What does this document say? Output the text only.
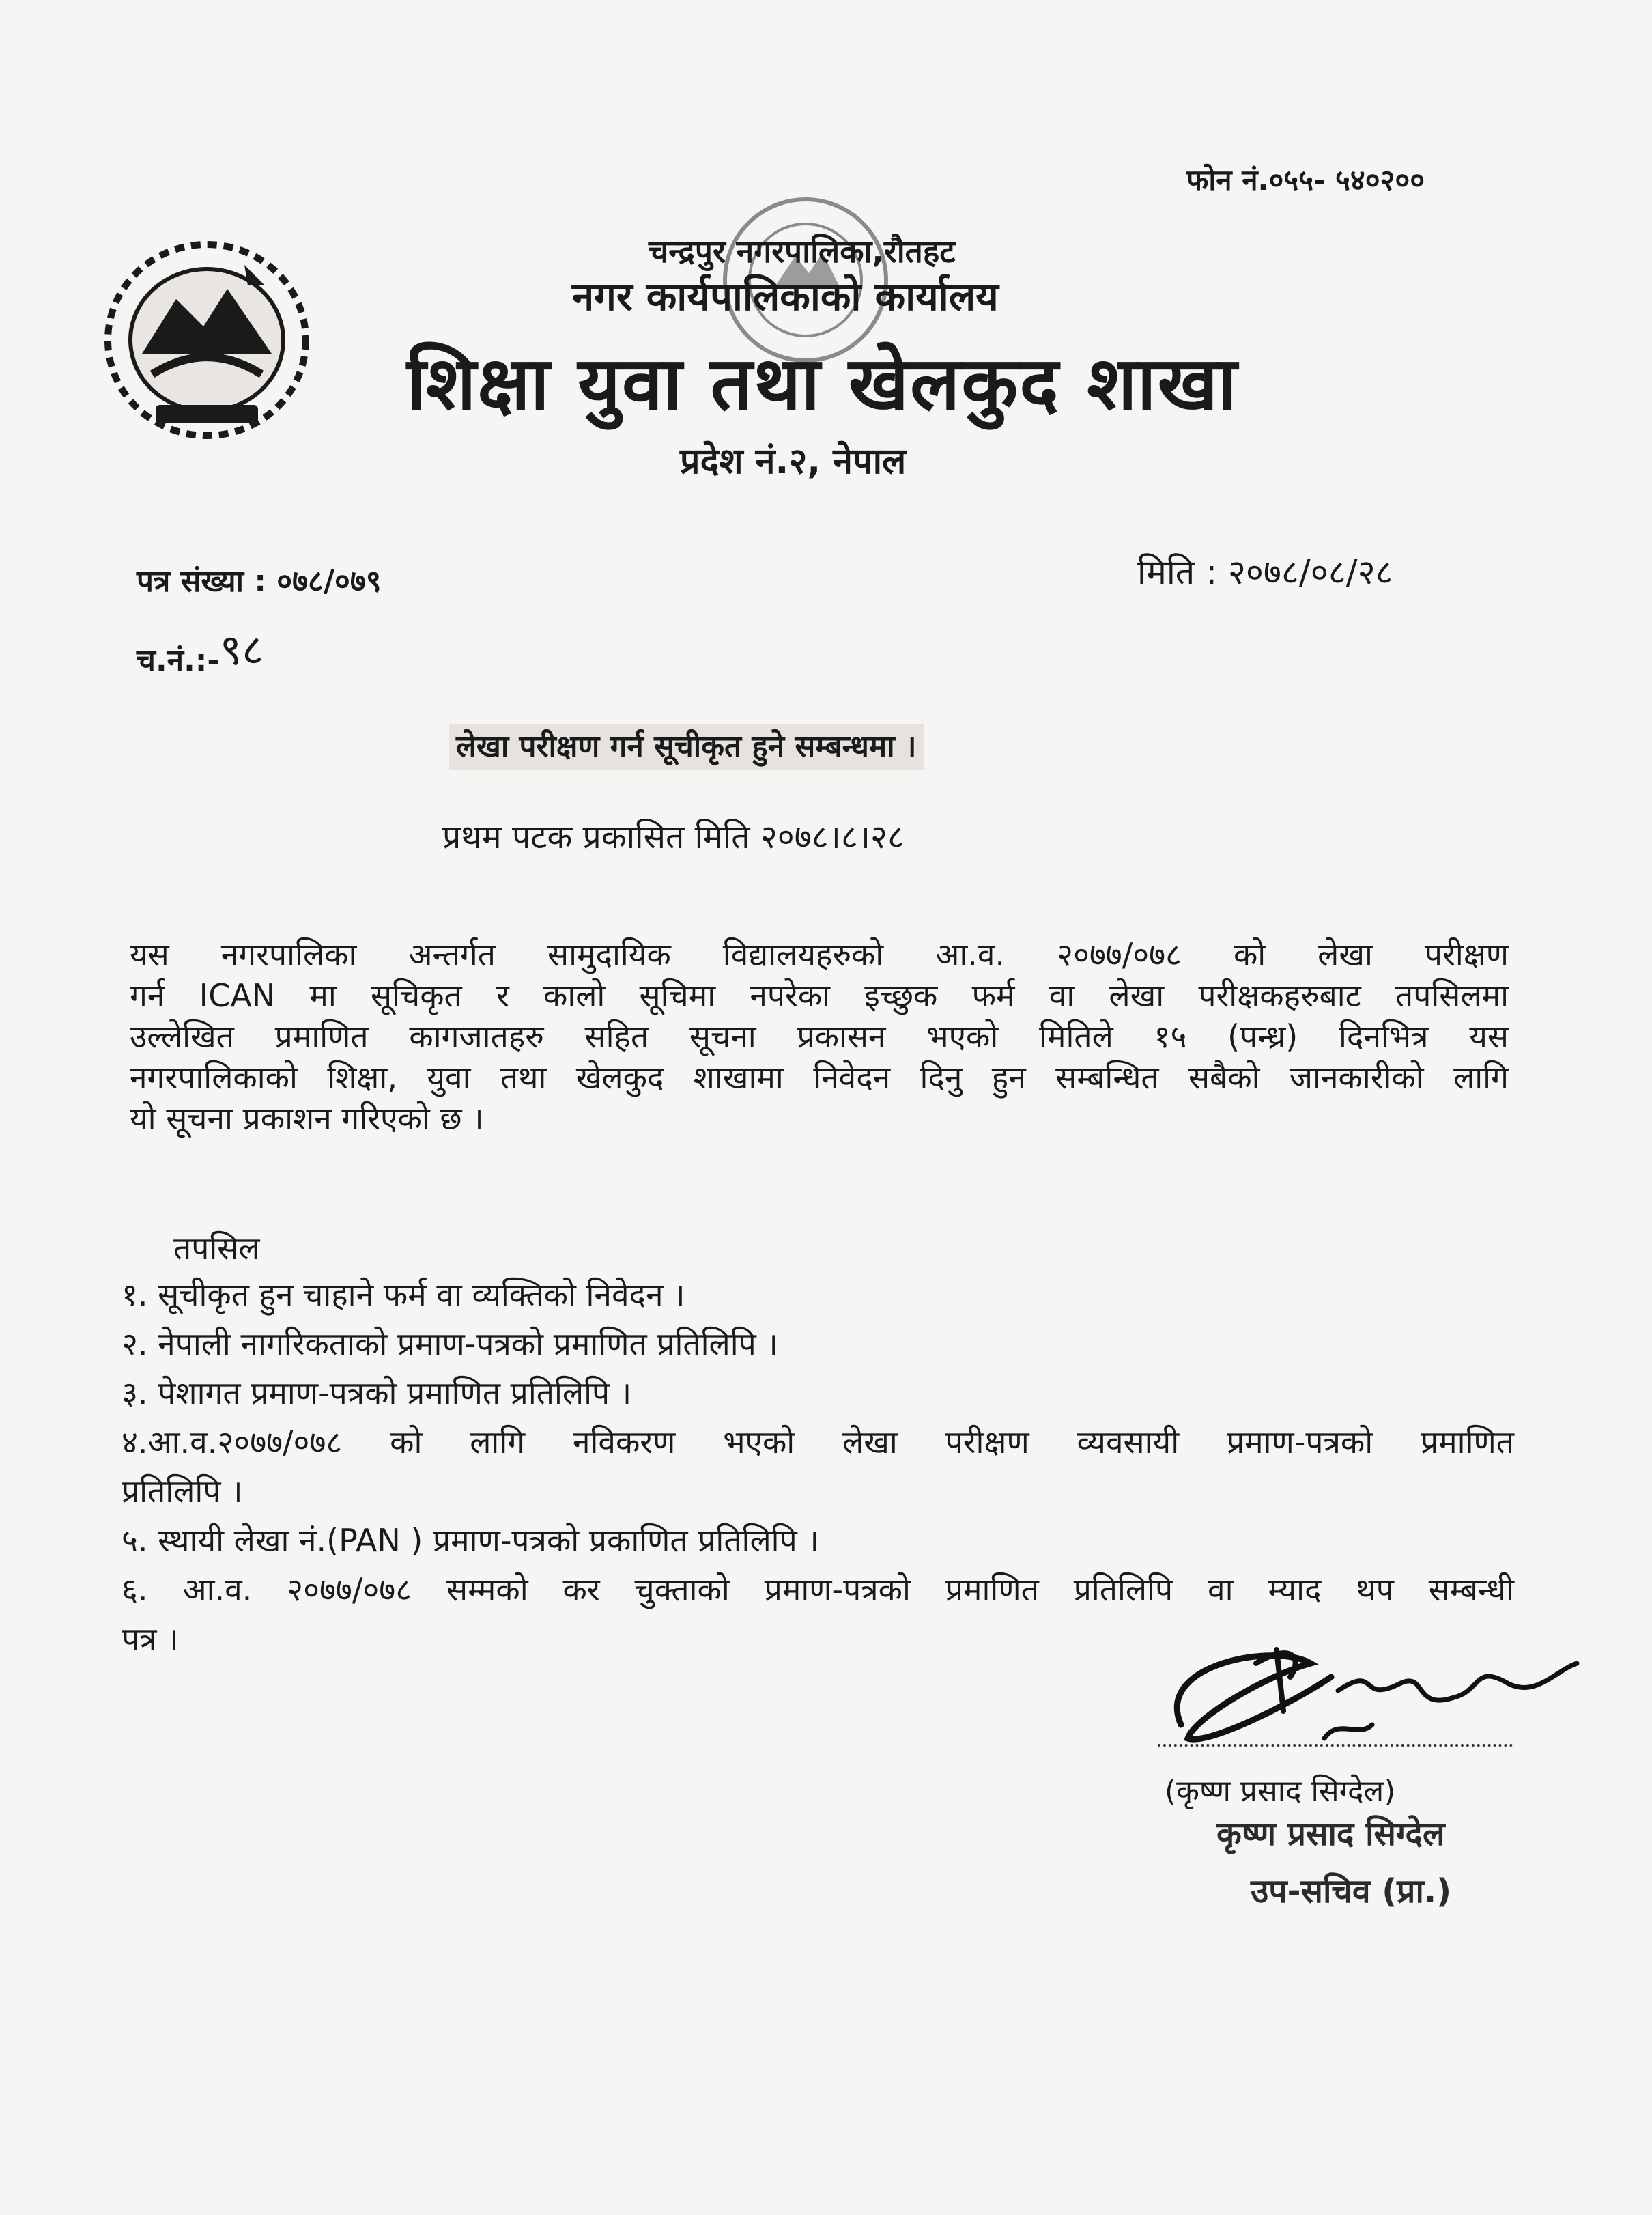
फोन नं.०५५- ५४०२००
चन्द्रपुर नगरपालिका,रौतहट
नगर कार्यपालिकाको कार्यालय
शिक्षा युवा तथा खेलकुद शाखा
प्रदेश नं.२, नेपाल
पत्र संख्या : ०७८/०७९	मिति : २०७८/०८/२८
च.नं.:- ९८
लेखा परीक्षण गर्न सूचीकृत हुने सम्बन्धमा ।
प्रथम पटक प्रकासित मिति २०७८।८।२८
यस नगरपालिका अन्तर्गत सामुदायिक विद्यालयहरुको आ.व. २०७७/०७८ को लेखा परीक्षण
गर्न ICAN मा सूचिकृत र कालो सूचिमा नपरेका इच्छुक फर्म वा लेखा परीक्षकहरुबाट तपसिलमा
उल्लेखित प्रमाणित कागजातहरु सहित सूचना प्रकासन भएको मितिले १५ (पन्ध्र) दिनभित्र यस
नगरपालिकाको शिक्षा, युवा तथा खेलकुद शाखामा निवेदन दिनु हुन सम्बन्धित सबैको जानकारीको लागि
यो सूचना प्रकाशन गरिएको छ ।
तपसिल
१. सूचीकृत हुन चाहाने फर्म वा व्यक्तिको निवेदन ।
२. नेपाली नागरिकताको प्रमाण-पत्रको प्रमाणित प्रतिलिपि ।
३. पेशागत प्रमाण-पत्रको प्रमाणित प्रतिलिपि ।
४.आ.व.२०७७/०७८ को लागि नविकरण भएको लेखा परीक्षण व्यवसायी प्रमाण-पत्रको प्रमाणित
प्रतिलिपि ।
५. स्थायी लेखा नं.(PAN ) प्रमाण-पत्रको प्रकाणित प्रतिलिपि ।
६. आ.व. २०७७/०७८ सम्मको कर चुक्ताको प्रमाण-पत्रको प्रमाणित प्रतिलिपि वा म्याद थप सम्बन्धी
पत्र ।
(कृष्ण प्रसाद सिग्देल)
कृष्ण प्रसाद सिग्देल
उप-सचिव (प्रा.)
